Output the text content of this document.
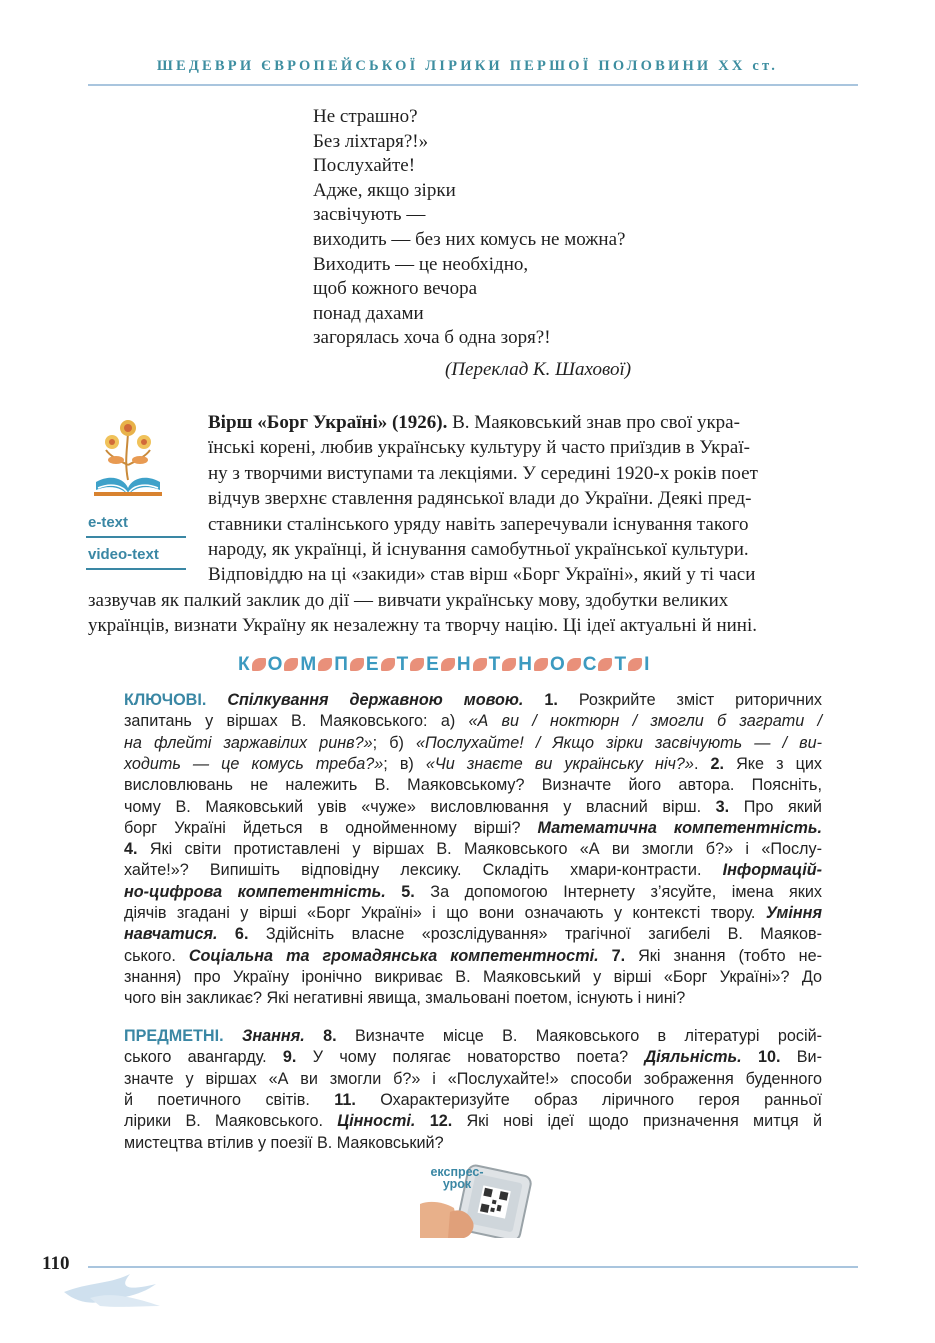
ШЕДЕВРИ ЄВРОПЕЙСЬКОЇ ЛІРИКИ ПЕРШОЇ ПОЛОВИНИ XX ст.
Не страшно?
Без ліхтаря?!»
Послухайте!
Адже, якщо зірки
засвічують —
виходить — без них комусь не можна?
Виходить — це необхідно,
щоб кожного вечора
понад дахами
загорялась хоча б одна зоря?!
(Переклад К. Шахової)
e-text
video-text
Вірш «Борг Україні» (1926). В. Маяковський знав про свої укра-
їнські корені, любив українську культуру й часто приїздив в Украї-
ну з творчими виступами та лекціями. У середині 1920-х років поет
відчув зверхнє ставлення радянської влади до України. Деякі пред-
ставники сталінського уряду навіть заперечували існування такого
народу, як українці, й існування самобутньої української культури.
Відповіддю на ці «закиди» став вірш «Борг Україні», який у ті часи
зазвучав як палкий заклик до дії — вивчати українську мову, здобутки великих
українців, визнати Україну як незалежну та творчу націю. Ці ідеї актуальні й нині.
К О М П Е Т Е Н Т Н О С Т І
КЛЮЧОВІ. Спілкування державною мовою. 1. Розкрийте зміст риторичних
запитань у віршах В. Маяковського: а) «А ви / ноктюрн / змогли б заграти /
на флейті заржавілих ринв?»; б) «Послухайте! / Якщо зірки засвічують — / ви-
ходить — це комусь треба?»; в) «Чи знаєте ви українську ніч?». 2. Яке з цих
висловлювань не належить В. Маяковському? Визначте його автора. Поясніть,
чому В. Маяковський увів «чуже» висловлювання у власний вірш. 3. Про який
борг Україні йдеться в однойменному вірші? Математична компетентність.
4. Які світи протиставлені у віршах В. Маяковського «А ви змогли б?» і «Послу-
хайте!»? Випишіть відповідну лексику. Складіть хмари-контрасти. Інформацій-
но-цифрова компетентність. 5. За допомогою Інтернету з’ясуйте, імена яких
діячів згадані у вірші «Борг Україні» і що вони означають у контексті твору. Уміння
навчатися. 6. Здійсніть власне «розслідування» трагічної загибелі В. Маяков-
ського. Соціальна та громадянська компетентності. 7. Які знання (тобто не-
знання) про Україну іронічно викриває В. Маяковський у вірші «Борг Україні»? До
чого він закликає? Які негативні явища, змальовані поетом, існують і нині?
ПРЕДМЕТНІ. Знання. 8. Визначте місце В. Маяковського в літературі росій-
ського авангарду. 9. У чому полягає новаторство поета? Діяльність. 10. Ви-
значте у віршах «А ви змогли б?» і «Послухайте!» способи зображення буденного
й поетичного світів. 11. Охарактеризуйте образ ліричного героя ранньої
лірики В. Маяковського. Цінності. 12. Які нові ідеї щодо призначення митця й
мистецтва втілив у поезії В. Маяковський?
експрес-
урок
110
